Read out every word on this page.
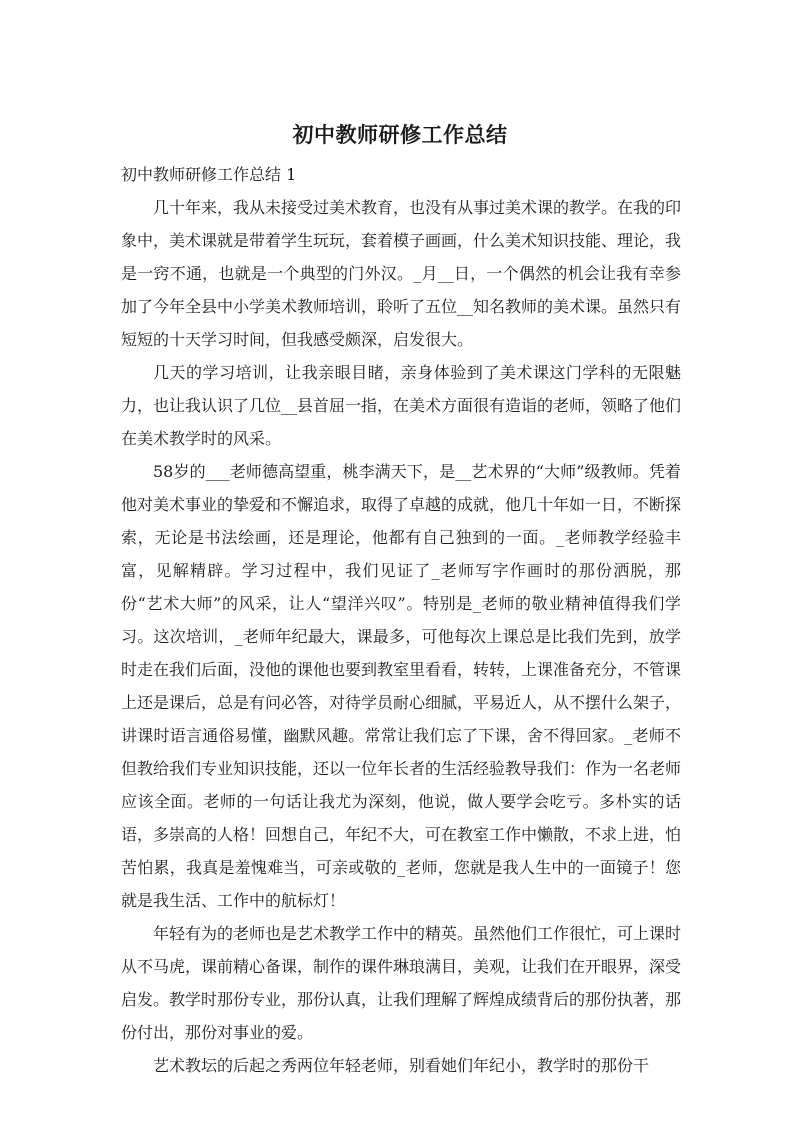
初中教师研修工作总结

初中教师研修工作总结 1

几十年来，我从未接受过美术教育，也没有从事过美术课的教学。在我的印象中，美术课就是带着学生玩玩，套着模子画画，什么美术知识技能、理论，我是一窍不通，也就是一个典型的门外汉。_月__日，一个偶然的机会让我有幸参加了今年全县中小学美术教师培训，聆听了五位__知名教师的美术课。虽然只有短短的十天学习时间，但我感受颇深，启发很大。

几天的学习培训，让我亲眼目睹，亲身体验到了美术课这门学科的无限魅力，也让我认识了几位__县首屈一指，在美术方面很有造诣的老师，领略了他们在美术教学时的风采。

58岁的___老师德高望重，桃李满天下，是__艺术界的“大师”级教师。凭着他对美术事业的挚爱和不懈追求，取得了卓越的成就，他几十年如一日，不断探索，无论是书法绘画，还是理论，他都有自己独到的一面。_老师教学经验丰富，见解精辟。学习过程中，我们见证了_老师写字作画时的那份洒脱，那份“艺术大师”的风采，让人“望洋兴叹”。特别是_老师的敬业精神值得我们学习。这次培训，_老师年纪最大，课最多，可他每次上课总是比我们先到，放学时走在我们后面，没他的课他也要到教室里看看，转转，上课准备充分，不管课上还是课后，总是有问必答，对待学员耐心细腻，平易近人，从不摆什么架子，讲课时语言通俗易懂，幽默风趣。常常让我们忘了下课，舍不得回家。_老师不但教给我们专业知识技能，还以一位年长者的生活经验教导我们：作为一名老师应该全面。老师的一句话让我尤为深刻，他说，做人要学会吃亏。多朴实的话语，多崇高的人格！回想自己，年纪不大，可在教室工作中懒散，不求上进，怕苦怕累，我真是羞愧难当，可亲或敬的_老师，您就是我人生中的一面镜子！您就是我生活、工作中的航标灯！

年轻有为的老师也是艺术教学工作中的精英。虽然他们工作很忙，可上课时从不马虎，课前精心备课，制作的课件琳琅满目，美观，让我们在开眼界，深受启发。教学时那份专业，那份认真，让我们理解了辉煌成绩背后的那份执著，那份付出，那份对事业的爱。

艺术教坛的后起之秀两位年轻老师，别看她们年纪小，教学时的那份干
